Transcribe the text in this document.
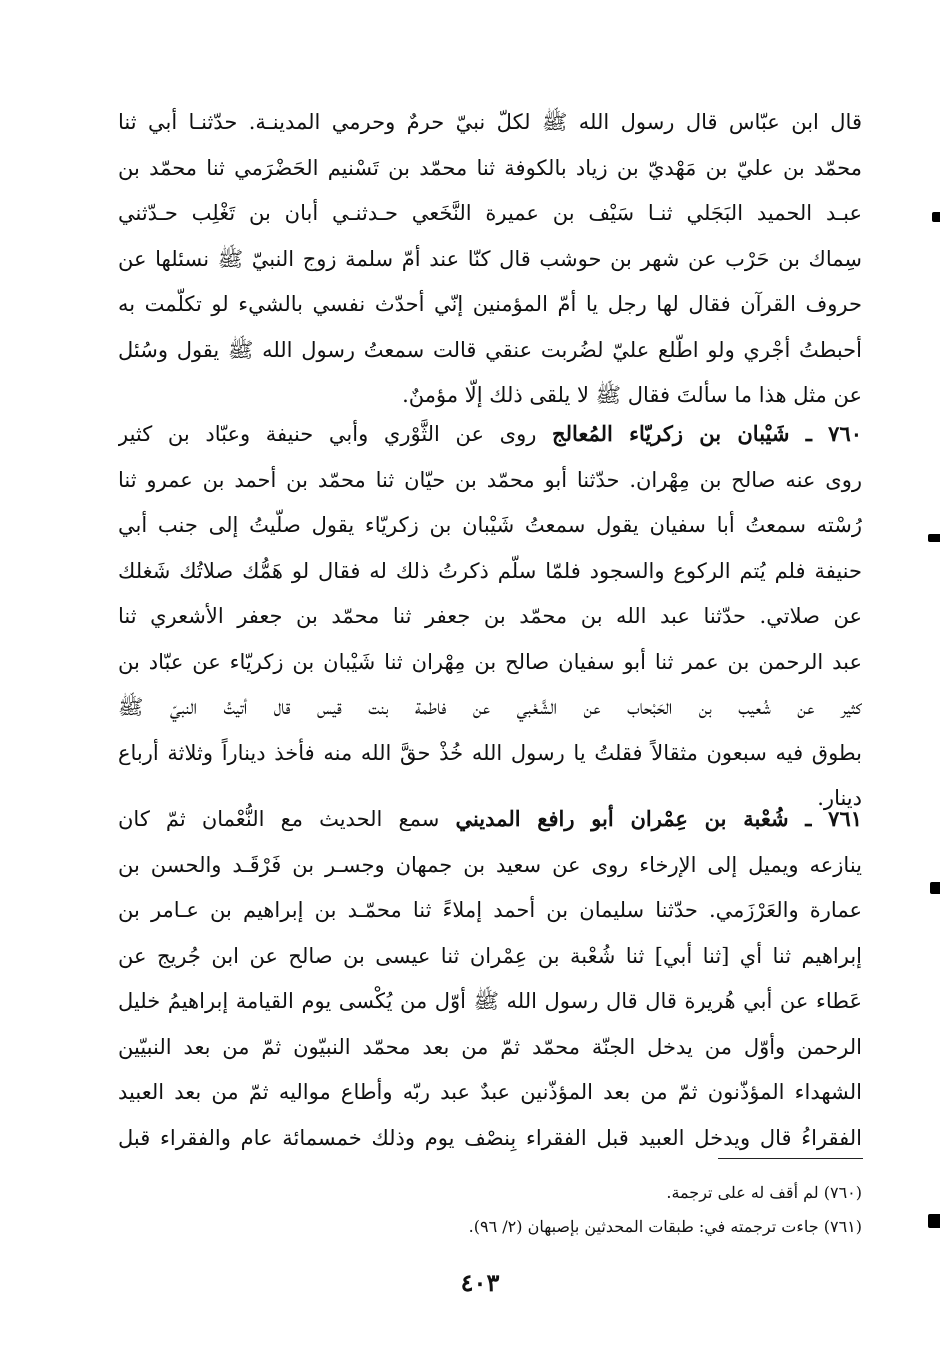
قال ابن عبّاس قال رسول الله ﷺ لكلّ نبيّ حرمٌ وحرمي المدينـة. حدّثنـا أبي ثنا
محمّد بن عليّ بن مَهْديّ بن زياد بالكوفة ثنا محمّد بن تَسْنيم الحَضْرَمي ثنا محمّد بن
عبـد الحميد البَجَلي ثنـا سَيْف بن عميرة النَّخَعي حـدثنـي أبان بن تَغْلِب حـدّثني
سِماك بن حَرْب عن شهر بن حوشب قال كنّا عند أمّ سلمة زوج النبيّ ﷺ نسئلها عن
حروف القرآن فقال لها رجل يا أمّ المؤمنين إنّي أحدّث نفسي بالشيء لو تكلّمت به
أحبطتُ أجْري ولو اطّلع عليّ لضُربت عنقي قالت سمعتُ رسول الله ﷺ يقول وسُئل
عن مثل هذا ما سألتَ فقال ﷺ لا يلقى ذلك إلّا مؤمنٌ.
٧٦٠ ـ شَيْبان بن زكريّاء المُعالج روى عن الثَّوْري وأبي حنيفة وعبّاد بن كثير
روى عنه صالح بن مِهْران. حدّثنا أبو محمّد بن حيّان ثنا محمّد بن أحمد بن عمرو ثنا
رُسْته سمعتُ أبا سفيان يقول سمعتُ شَيْبان بن زكريّاء يقول صلّيتُ إلى جنب أبي
حنيفة فلم يُتم الركوع والسجود فلمّا سلّم ذكرتُ ذلك له فقال لو هَمُّك صلاتُك شَغلك
عن صلاتي. حدّثنا عبد الله بن محمّد بن جعفر ثنا محمّد بن جعفر الأشعري ثنا
عبد الرحمن بن عمر ثنا أبو سفيان صالح بن مِهْران ثنا شَيْبان بن زكريّاء عن عبّاد بن
كثير عن شُعيب بن الحَبْحاب عن الشَّعْبي عن فاطمة بنت قيس قال أتيتُ النبيّ ﷺ
بطوق فيه سبعون مثقالاً فقلتُ يا رسول الله خُذْ حقَّ الله منه فأخذ ديناراً وثلاثة أرباع
دينار.
٧٦١ ـ شُعْبة بن عِمْران أبو رافع المديني سمع الحديث مع النُّعْمان ثمّ كان
ينازعه ويميل إلى الإرخاء روى عن سعيد بن جمهان وجسـر بن فَرْقَـد والحسن بن
عمارة والعَرْزَمي. حدّثنا سليمان بن أحمد إملاءً ثنا محمّـد بن إبراهيم بن عـامر بن
إبراهيم ثنا أي [ثنا أبي] ثنا شُعْبة بن عِمْران ثنا عيسى بن صالح عن ابن جُريج عن
عَطاء عن أبي هُريرة قال قال رسول الله ﷺ أوّل من يُكْسى يوم القيامة إبراهيمُ خليل
الرحمن وأوّل من يدخل الجنّة محمّد ثمّ من بعد محمّد النبيّون ثمّ من بعد النبيّين
الشهداء المؤذّنون ثمّ من بعد المؤذّنين عبدٌ عبد ربّه وأطاع مواليه ثمّ من بعد العبيد
الفقراءُ قال ويدخل العبيد قبل الفقراء بِنصْف يوم وذلك خمسمائة عام والفقراء قبل
(٧٦٠) لم أقف له على ترجمة.
(٧٦١) جاءت ترجمته في: طبقات المحدثين بإصبهان (٢/ ٩٦).
٤٠٣
